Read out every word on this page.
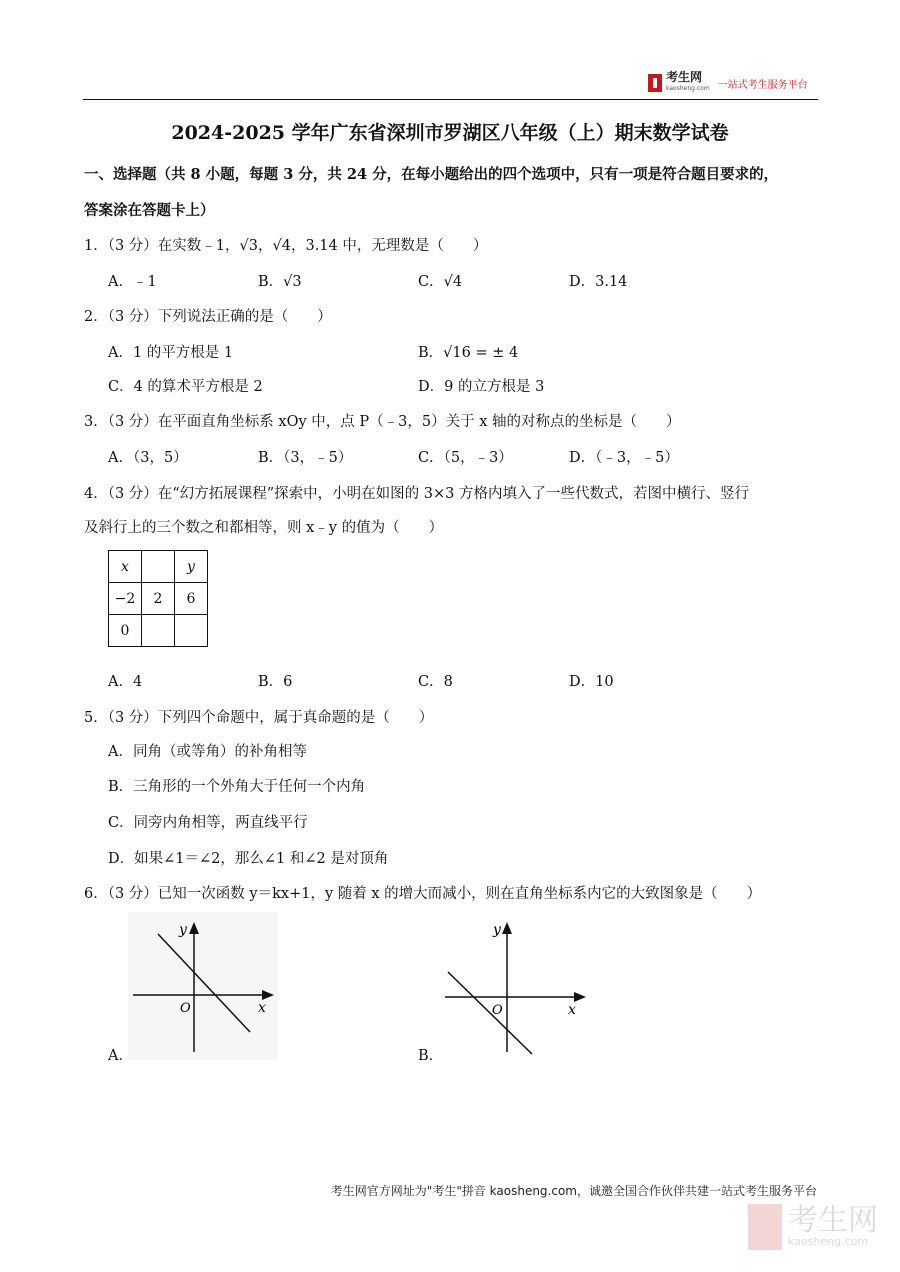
考生网
kaosheng.com 一站式考生服务平台
2024-2025 学年广东省深圳市罗湖区八年级（上）期末数学试卷
一、选择题（共 8 小题，每题 3 分，共 24 分，在每小题给出的四个选项中，只有一项是符合题目要求的，
答案涂在答题卡上）
1．（3 分）在实数﹣1，√3，√4，3.14 中，无理数是（　　）
A．﹣1	B．√3	C．√4	D．3.14
2．（3 分）下列说法正确的是（　　）
A．1 的平方根是 1	B．√16 = ± 4
C．4 的算术平方根是 2	D．9 的立方根是 3
3．（3 分）在平面直角坐标系 xOy 中，点 P（﹣3，5）关于 x 轴的对称点的坐标是（　　）
A．（3，5）	B．（3，﹣5）	C．（5，﹣3）	D．（﹣3，﹣5）
4．（3 分）在“幻方拓展课程”探索中，小明在如图的 3×3 方格内填入了一些代数式，若图中横行、竖行
及斜行上的三个数之和都相等，则 x﹣y 的值为（　　）
x		y
−2	2	6
0		
A．4	B．6	C．8	D．10
5．（3 分）下列四个命题中，属于真命题的是（　　）
A．同角（或等角）的补角相等
B．三角形的一个外角大于任何一个内角
C．同旁内角相等，两直线平行
D．如果∠1＝∠2，那么∠1 和∠2 是对顶角
6．（3 分）已知一次函数 y＝kx+1，y 随着 x 的增大而减小，则在直角坐标系内它的大致图象是（　　）
y
x
O
A．
y
x
O
B．
考生网官方网址为"考生"拼音 kaosheng.com，诚邀全国合作伙伴共建一站式考生服务平台
考生网
kaosheng.com
